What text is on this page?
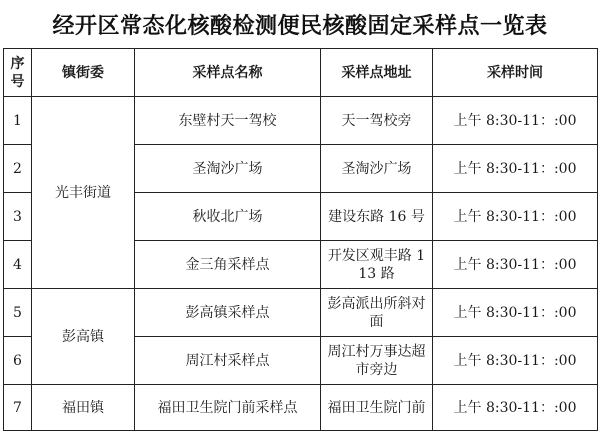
经开区常态化核酸检测便民核酸固定采样点一览表
序号	镇街委	采样点名称	采样点地址	采样时间
1	光丰街道	东壁村天一驾校	天一驾校旁	上午 8:30-11：:00
2		圣淘沙广场	圣淘沙广场	上午 8:30-11：:00
3		秋收北广场	建设东路 16 号	上午 8:30-11：:00
4		金三角采样点	开发区观丰路 113 路	上午 8:30-11：:00
5	彭高镇	彭高镇采样点	彭高派出所斜对面	上午 8:30-11：:00
6		周江村采样点	周江村万事达超市旁边	上午 8:30-11：:00
7	福田镇	福田卫生院门前采样点	福田卫生院门前	上午 8:30-11：:00
